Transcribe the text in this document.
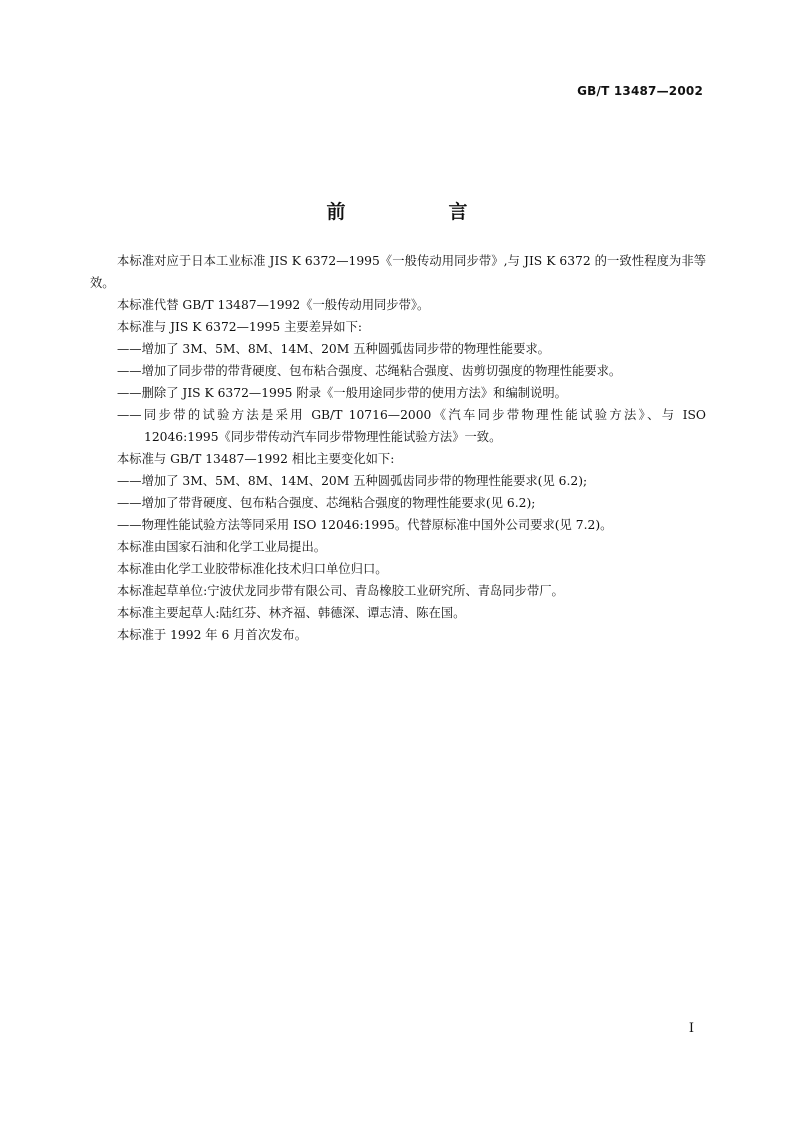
GB/T 13487—2002
前　言

本标准对应于日本工业标准 JIS K 6372—1995《一般传动用同步带》,与 JIS K 6372 的一致性程度为非等效。

本标准代替 GB/T 13487—1992《一般传动用同步带》。

本标准与 JIS K 6372—1995 主要差异如下:

——增加了 3M、5M、8M、14M、20M 五种圆弧齿同步带的物理性能要求。

——增加了同步带的带背硬度、包布粘合强度、芯绳粘合强度、齿剪切强度的物理性能要求。

——删除了 JIS K 6372—1995 附录《一般用途同步带的使用方法》和编制说明。

——同步带的试验方法是采用 GB/T 10716—2000《汽车同步带物理性能试验方法》、与 ISO 12046:1995《同步带传动汽车同步带物理性能试验方法》一致。

本标准与 GB/T 13487—1992 相比主要变化如下:

——增加了 3M、5M、8M、14M、20M 五种圆弧齿同步带的物理性能要求(见 6.2);

——增加了带背硬度、包布粘合强度、芯绳粘合强度的物理性能要求(见 6.2);

——物理性能试验方法等同采用 ISO 12046:1995。代替原标准中国外公司要求(见 7.2)。

本标准由国家石油和化学工业局提出。

本标准由化学工业胶带标准化技术归口单位归口。

本标准起草单位:宁波伏龙同步带有限公司、青岛橡胶工业研究所、青岛同步带厂。

本标准主要起草人:陆红芬、林齐福、韩德深、谭志清、陈在国。

本标准于 1992 年 6 月首次发布。

I
